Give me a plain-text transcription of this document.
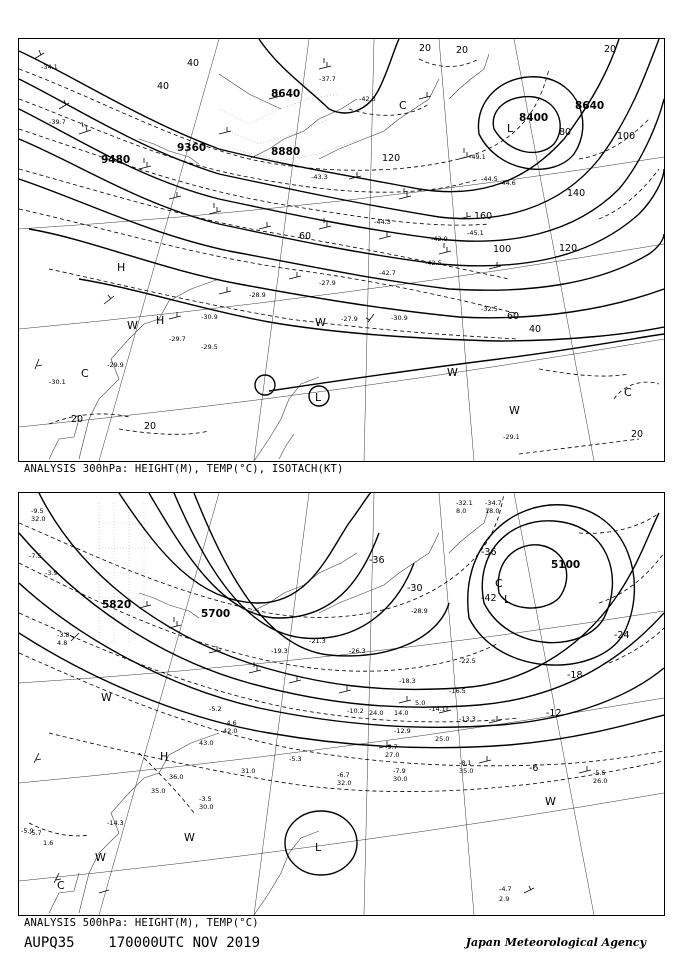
8640
8640
9360
9480
8880
8400
L
L
H
H
C
C
C
W
W
W
W
20	20	20
40
40
40
60
60
80	100
100
120
120
140
20
20
20
160
-34.1
-39.7
-37.7
-42.3
-43.3
-44.3
-45.1
-44.6
-32.5
-30.9
-29.9
-29.7
-29.5
-27.9
-28.9
-27.9
-29.1
-30.1
-30.9
-42.5
-42.9
-44.5
-49.1
-42.7
ANALYSIS 300hPa: HEIGHT(M), TEMP(°C), ISOTACH(KT)
5700
5820
5100
L
L
H
C
C
W
W
W
W
-36
-30
-24
-18
-12
-6
-42
-36
-32.1
8.0
-34.7
18.0
-9.5
32.0
-7.5
-3.9
-19.3
-21.3
-26.3
-28.9
-4.7
2.9
-5.5
26.0
-8.1
35.0
-7.9
30.0
-9.7
27.0
-6.7
32.0
-3.5
30.0
-5.3
-10.2 24.0 14.0
-12.9
25.0
-13.3
-16.5
-14.1
-18.3
-22.5
5.0
-5.2
-4.6
42.0
43.0
31.0
35.0
36.0
-5.7
-5.9
1.6
-3.8
4.8
-14.3
ANALYSIS 500hPa: HEIGHT(M), TEMP(°C)
AUPQ35    170000UTC NOV 2019	Japan Meteorological Agency
